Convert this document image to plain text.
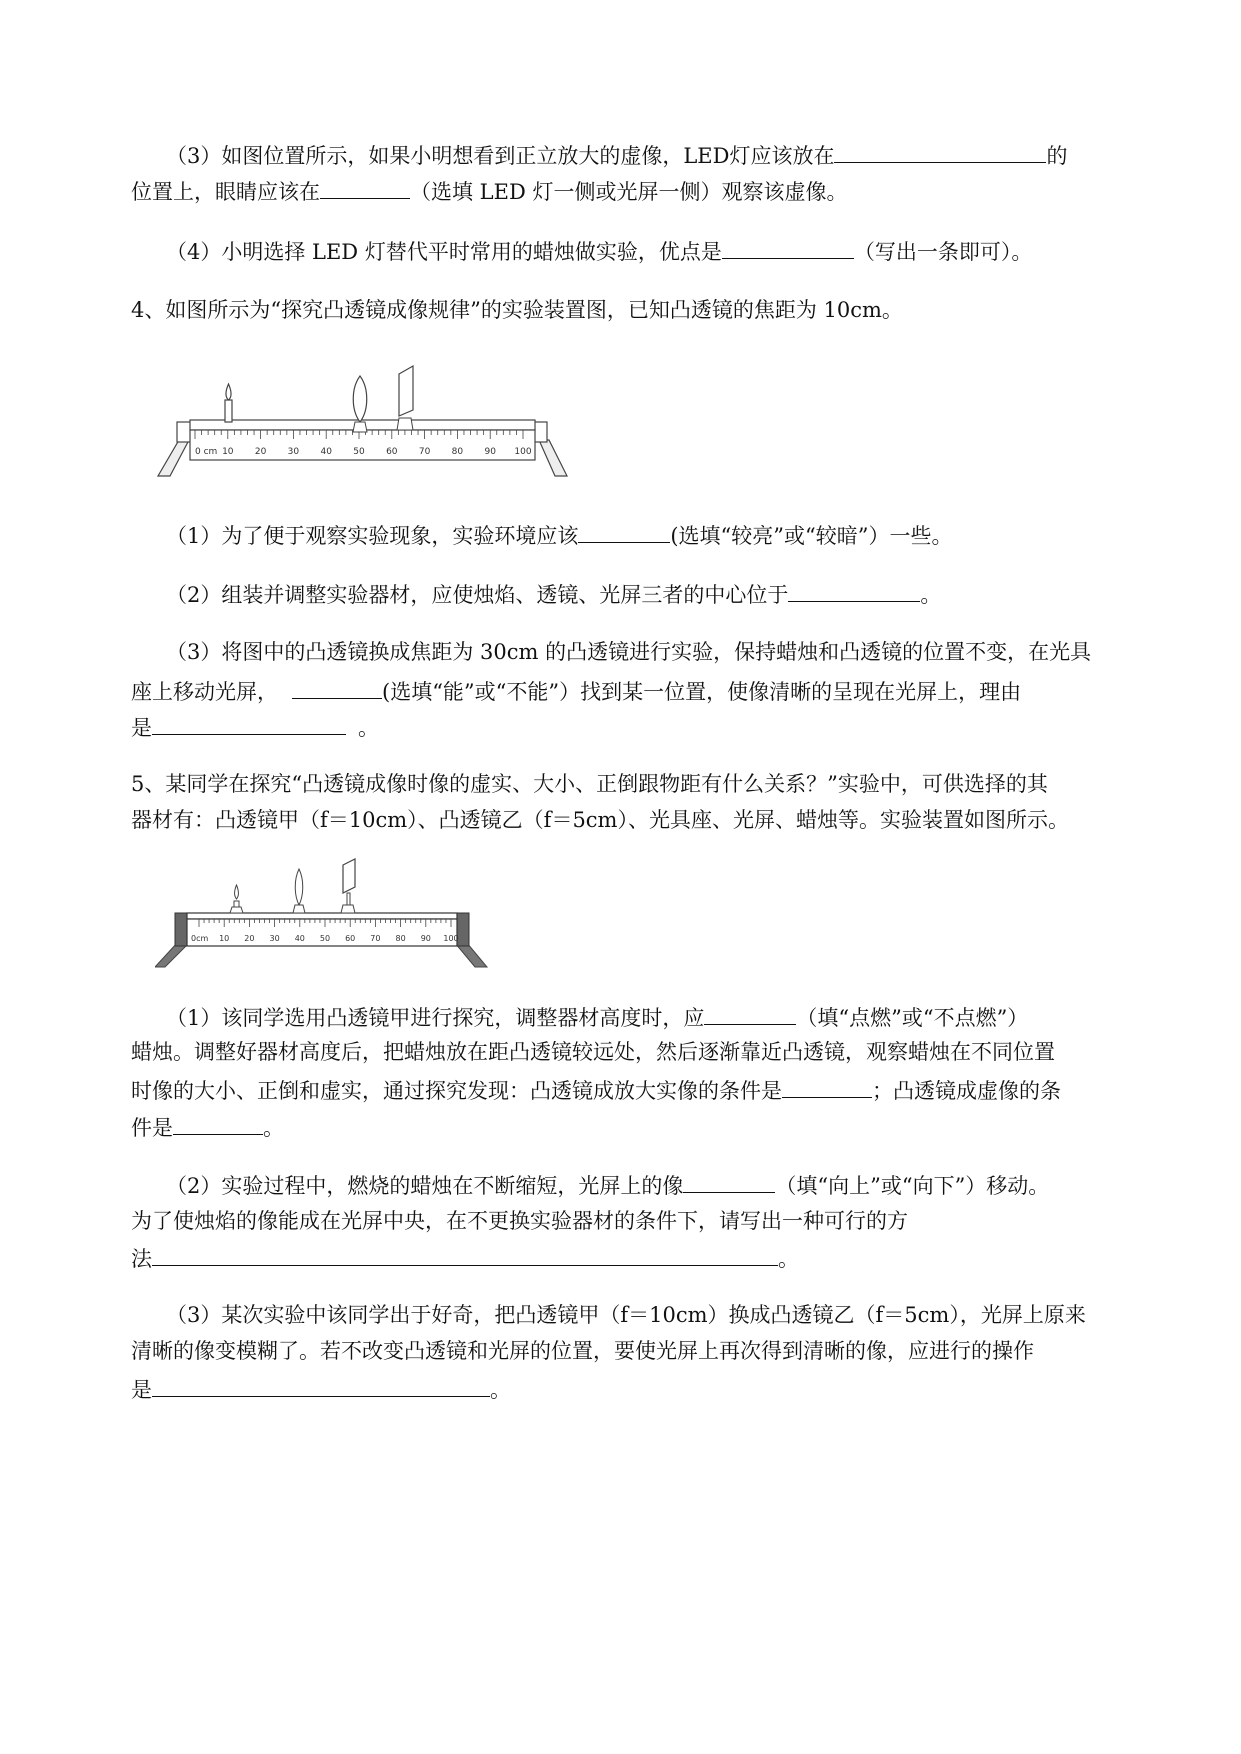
（3）如图位置所示，如果小明想看到正立放大的虚像，LED灯应该放在	的
位置上，眼睛应该在	（选填 LED 灯一侧或光屏一侧）观察该虚像。
（4）小明选择 LED 灯替代平时常用的蜡烛做实验，优点是	（写出一条即可）。
4、如图所示为“探究凸透镜成像规律”的实验装置图，已知凸透镜的焦距为 10cm。
0 cm 10 20 30 40 50 60 70 80 90 100
（1）为了便于观察实验现象，实验环境应该	(选填“较亮”或“较暗”）一些。
（2）组装并调整实验器材，应使烛焰、透镜、光屏三者的中心位于	。
（3）将图中的凸透镜换成焦距为 30cm 的凸透镜进行实验，保持蜡烛和凸透镜的位置不变，在光具
座上移动光屏，	(选填“能”或“不能”）找到某一位置，使像清晰的呈现在光屏上，理由
是	。
5、某同学在探究“凸透镜成像时像的虚实、大小、正倒跟物距有什么关系？”实验中，可供选择的其
器材有：凸透镜甲（f＝10cm）、凸透镜乙（f＝5cm）、光具座、光屏、蜡烛等。实验装置如图所示。
0cm 10 20 30 40 50 60 70 80 90 100
（1）该同学选用凸透镜甲进行探究，调整器材高度时，应	（填“点燃”或“不点燃”）
蜡烛。调整好器材高度后，把蜡烛放在距凸透镜较远处，然后逐渐靠近凸透镜，观察蜡烛在不同位置
时像的大小、正倒和虚实，通过探究发现：凸透镜成放大实像的条件是	；凸透镜成虚像的条
件是	。
（2）实验过程中，燃烧的蜡烛在不断缩短，光屏上的像	（填“向上”或“向下”）移动。
为了使烛焰的像能成在光屏中央，在不更换实验器材的条件下，请写出一种可行的方
法	。
（3）某次实验中该同学出于好奇，把凸透镜甲（f＝10cm）换成凸透镜乙（f＝5cm），光屏上原来
清晰的像变模糊了。若不改变凸透镜和光屏的位置，要使光屏上再次得到清晰的像，应进行的操作
是	。
